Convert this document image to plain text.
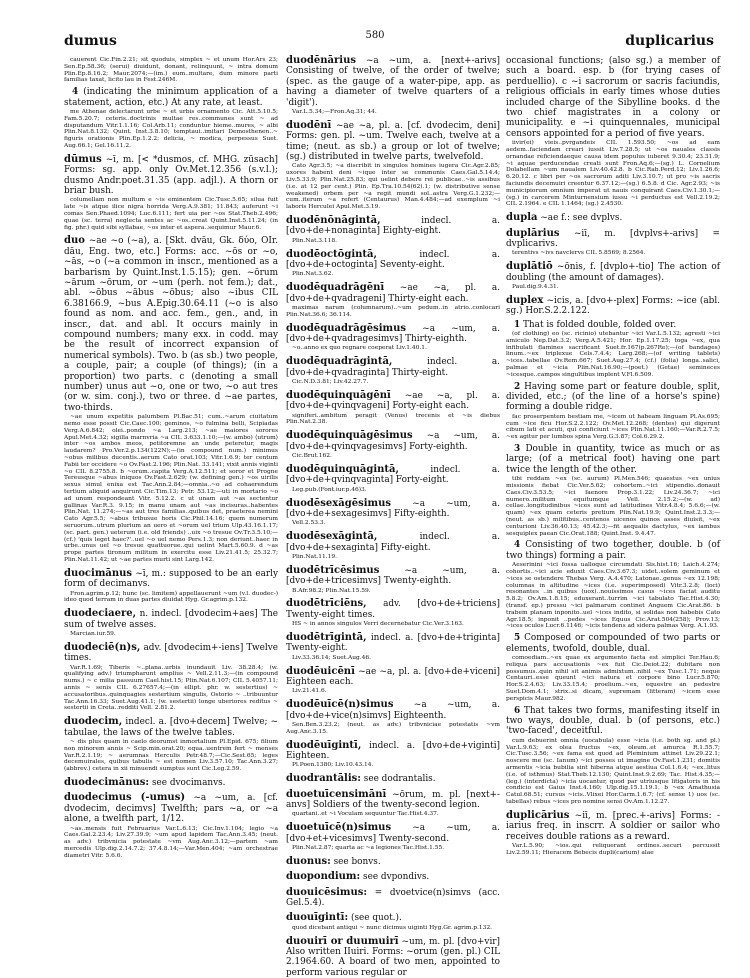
dumus	580	duplicarius

cauerent Cic.Fin.2.21; sit quoduis, simplex ~ et unum Hor.Ars 23; Sen.Ep.58.36; (serui) diuidunt, donant, relinquunt, ~ intra domum Plin.Ep.8.16.2; Maur.2074;—(im.) eum..multare, dum minore parti familias taxat, licito lau in Fest.246M.

4 (indicating the minimum application of a statement, action, etc.) At any rate, at least.

me Athenae delectarunt urbe ~ et urbis ornamento Cic. Att.5.10.5; Fam.5.20.7; ceteris..doctrinis multae res..communes sunt ~ ad disputandum Vitr.1.1.16; Col.Arb.11; conduntur hieme..mures, ~ albi Plin.Nat.8.132; Quint. Inst.3.8.10; temptaui..imitari Demosthenen..~ figuris orationis Plin.Ep.1.2.2; delicia, ~ modica, perpessus Suet. Aug.66.1; Gel.16.11.2.

dūmus ~ī, m. [< *dusmos, cf. MHG. zūsach] Forms: sg. app. only Ov.Met.12.356 (s.v.l.); dusmo Andr.poet.31.35 (app. adjl.). A thorn or briar bush.

columellam non multum e ~is eminentem Cic.Tusc.5.65; silua fuit late ~is atque ilice nigra horrida Verg.A.9.381; 11.843; auferunt ~i comas Sen.Phaed.1094; Luc.6.111; fert uia per ~os Stat.Theb.2.496; quae (sc. terra) neglecta sentes ac ~os..creat Quint.Inst.5.11.24; (in fig. phr.) quid sibi syllabae, ~os inter et aspera..sequimur Maur.6.

duo ~ae ~o (~a), a. [Skt. dvāu, Gk. δύο, OIr. dāu, Eng. two, etc.] Forms: acc. ~ōs or ~o, ~ās, ~o (~a common in inscr., mentioned as a barbarism by Quint.Inst.1.5.15); gen. ~ōrum ~ārum ~ōrum, or ~um (perh. not fem.); dat., abl. ~ōbus ~ābus ~ōbus; also ~ibus CIL 6.38166.9, ~bus A.Epig.30.64.11 (~o is also found as nom. and acc. fem., gen., and, in inscr., dat. and abl. It occurs mainly in compound numbers; many exx. in codd. may be the result of incorrect expansion of numerical symbols). Two. b (as sb.) two people, a couple, pair; a couple (of things); (in a proportion) two parts. c (denoting a small number) unus aut ~o, one or two, ~o aut tres (or w. sim. conj.), two or three. d ~ae partes, two-thirds.

~ae unum expetitis palumbem Pl.Bac.51; cum..~arum ciuitatum nemo esse possit Cic.Caec.100; geminos, ~o fulmina belli, Scipiadas Verg.A.6.842; olei..pondo ~a Larg.213; ~ae maiores sorores Apul.Met.4.32; sigilla marnvria ~a CIL 3.633.1.10;—(w. ambo) ⟨utrum⟩ inter ~os ambos meos, petitoremne an unde peteretur, magis laudarem? Pro.Ver.2.p.134(122N);—(in compound num.) minimus ~obus milibus ducentis..aerum Cato orat.103; Vitr.1.6.9; ter centum Fabii ter occidere ~o Ov.Fast.2.196; Plin.Nat. 33.141; vixit annis viginti ~o CIL 8.2755.8. b ~orum..capita Verg.A.12.511; et soror et Progne Tereusque ~abus iniquos Ov.Fast.2.629; (w. defining gen.) ~os uirilis sexus simul enixa est Tac.Ann.2.84;—omnia..~o ad cohaerendum tertium aliquid anquirunt Cic.Tim.13; Petr. 53.12;—uti in mortario ~o ad unum respondeant Vitr. 5.12.2. c ut unam aut ~as sectentur gallinas Var.R.3. 9.15; in manu unam aut ~as incisuras..habentes Plin.Nat. 11.274;—~as aut tres familias..quibus det, praeterea nemini Cato Agr.5.5; ~abus tribusue horis Cic.Phil.14.16; quem numerum seruorum..utrum plurium an uero et ~orum uel trium Ulp.43.16.1.17; (sc. part. gen.) ueterum (i.e. old friends) ..uix ~o tresue Ov.Tr.3.5.10;—(cf.) 'quis leget haec?'..uel ~o uel nemo Pers.1.3; non deriunt..haec in urbe..unus uel ~o tresue quattuorue..qui uelint Mart.5.60.9. d ~as prope partes tironum militum in exercitu esse Liv.21.41.5; 25.32.7; Plin.Nat.11.42; ut ~ae partes murti sint Larg.142.

duocimānus ~ī, m.: supposed to be an early form of decimanvs.

Fron.agrim.p.12; hunc (sc. limitem) appellauerunt ~um (v.l. duodec-) ideo quod terram in duas partes diuidat Hyg. Gr.agrim.p.132.

duodeciaere, n. indecl. [dvodecim+aes] The sum of twelve asses.

Marcian.iur.59.

duodeciē(n)s, adv. [dvodecim+-iens] Twelve times.

Var.R.1.69; Tiberis ~..plana..urbis inundauit Liv. 38.28.4; (w. qualifying adv.) triumpharunt amplius ~ Vell.2.11.3;—(in compound nums.) ~ c milia passuum Cael.hist.15; Plin.Nat.6.107; CIL 5.4057.11; annis ~ senis CIL 6.27657.4;—(in ellipt. phr. w. sestertius) ~ accusatoribus..quinquagies sestertium singulis, Ostorio ~ ..tribuuntur Tac.Ann.16.33; Suet.Aug.41.1; (w. sestertii) longe uberiores reditus ~ sestertii in Creta..redditi Vell. 2.81.2.

duodecim, indecl. a. [dvo+decem] Twelve; ~ tabulae, the laws of the twelve tables.

~ dis plus quam in caelo deorumst inmortalium Pl.Epid. 675; filium non minorem annis ~ Scip.min.orat.20; equa..uentrem fert ~ menses Var.R.2.1.19; ~ aerumnas Herculis Petr.48.7;—Cic.Sest.65; leges decemuirales, quibus tabulis ~ est nomen Liv.3.57.10; Tac.Ann.3.27; (abbrev.) cetera in xii minuendi sumptus sunt Cic.Leg.2.59.

duodecimānus: see dvocimanvs.

duodecimus (-umus) ~a ~um, a. [cf. dvodecim, decimvs] Twelfth; pars ~a, or ~a alone, a twelfth part, 1/12.

~as..mensis fuit Februarius Var.L.6.13; Cic.Inv.1.104; legio ~a Caes.Gal.2.23.4; Liv.27.39.9; ~um apud lapidem Tac.Ann.3.45; (neut. as adv.) tribvnicia potestate ~vm Aug.Anc.3.12;—partem ~am mercedis Ulp.dig.2.14.7.2; 37.4.8.14;—Var.Men.404; ~am orchestrae diametri Vitr. 5.6.6.

duodēnārius ~a ~um, a. [next+-arivs] Consisting of twelve, of the order of twelve; (spec. as the gauge of a water-pipe, app. as having a diameter of twelve quarters of a 'digit').

Var.L.5.34;—Fron.Aq.31; 44.

duodēnī ~ae ~a, pl. a. [cf. dvodecim, deni] Forms: gen. pl. ~um. Twelve each, twelve at a time; (neut. as sb.) a group or lot of twelve; (sg.) distributed in twelve parts, twelvefold.

Cato Agr.3.5; ~a discribit in singulos homines iugera Cic.Agr.2.85; uxores habent deni ~ique inter se communis Caes.Gal.5.14.4; Liv.5.33.9; Plin.Nat.25.83; qui uelint debere rei publicae..~is assibus (i.e. at 12 per cent.) Plin. Ep.Tra.10.54(62).1; (w. distributive sense weakened) orbem per ~a regit mundi sol..astra Verg.G.1.232;—cum..iterum ~a refert (Centaurus) Man.4.484;—ad exemplum ~i laboris Herculei Apul.Met.3.19.

duodēnōnāgintā,	indecl. a. [dvo+de+nonaginta] Eighty-eight.

Plin.Nat.3.118.

duodēoctōgintā,	indecl. a. [dvo+de+octoginta] Seventy-eight.

Plin.Nat.3.62.

duodēquadrāgēnī ~ae ~a, pl. a. [dvo+de+qvadrageni] Thirty-eight each.

maximas narum (columnarum)..~um pedum..in atrio..conlocari Plin.Nat.36.6; 36.114.

duodēquadrāgēsimus ~a ~um, a. [dvo+de+qvadragesimvs] Thirty-eighth.

~o..anno ex quo regnare coeperat Liv.1.40.1.

duodēquadrāgintā,	indecl. a. [dvo+de+qvadraginta] Thirty-eight.

Cic.N.D.3.81; Liv.42.27.7.

duodēquinquāgēnī ~ae ~a, pl. a. [dvo+de+qvinqvageni] Forty-eight each.

signiferi..ambitum peragit (Venus) trecenis et ~is diebus Plin.Nat.2.38.

duodēquinquāgēsimus ~a ~um, a. [dvo+de+qvinqvagesimvs] Forty-eighth.

Cic.Brut.162.

duodēquinquāgintā,	indecl. a. [dvo+de+qvinqvaginta] Forty-eight.

Leg.pub.(Font.iur.p.46)3.

duodēsexāgēsimus ~a ~um, a. [dvo+de+sexagesimvs] Fifty-eighth.

Vell.2.53.3.

duodēsexāgintā,	indecl. a. [dvo+de+sexaginta] Fifty-eight.

Plin.Nat.11.19.

duodētrīcēsimus	~a ~um, a. [dvo+de+tricesimvs] Twenty-eighth.

B.Afr.98.2; Plin.Nat.15.59.

duodētrīciēns, adv. [dvo+de+triciens] Twenty-eight times.

HS ~ in annos singulos Verri decernebatur Cic.Ver.3.163.

duodētrīgintā, indecl. a. [dvo+de+triginta] Twenty-eight.

Liv.33.36.14; Suet.Aug.46.

duodēuicēnī ~ae ~a, pl. a. [dvo+de+viceni] Eighteen each.

Liv.21.41.6.

duodēuīcē(n)simus ~a ~um, a. [dvo+de+vice(n)simvs] Eighteenth.

Sen.Ben.3.23.2; (neut. as adv.) tribvniciae potestatis ~vm Aug.Anc.3.15.

duodēuīgintī, indecl. a. [dvo+de+viginti] Eighteen.

Pl.Poen.1380; Liv.10.43.14.

duodrantālis: see dodrantalis.

duoetuīcensimānī ~ōrum, m. pl. [next+-anvs] Soldiers of the twenty-second legion.

quartani..et ~i Voculam sequuntur Tac.Hist.4.37.

duoetuīcē(n)simus ~a ~um, a. [dvo+et+vicesimvs] Twenty-second.

Plin.Nat.2.87; quarta ac ~a legiones Tac.Hist.1.55.

duonus: see bonvs.

duopondium: see dvpondivs.

duouicēsimus: = dvoetvice(n)simvs (acc. Gel.5.4).

duouīgintī: (see quot.).

quod dicebant antiqui ~ nunc dicimus uiginti Hyg.Gr. agrim.p.132.

duouirī or duumuirī ~um, m. pl. [dvo+vir] Also written IIuiri. Forms: ~orum (gen. pl.) CIL 2.1964.60. A board of two men, appointed to perform various regular or

occasional functions; (also sg.) a member of such a board. esp. b (for trying cases of perduellio). c ~i sacrorum or sacris faciundis, religious officials in early times whose duties included charge of the Sibylline books. d the two chief magistrates in a colony or municipality. e ~i quinquennales, municipal censors appointed for a period of five years.

iivir(ei) vieis..pvrgandeis CIL 1.593.50; ~os ad eam aedem..faciendam creari iussit Liv.7.28.5; ut ~os nauales classis ornandae reficiendaeque causa idem populus iuberet 9.30.4; 23.31.9; ~i aquae perducendae creati sunt Fron.Aq.6;—(sg.) L. Cornelium Dolabellam ~um naualem Liv.40.42.8. b Cic.Rab.Perd.12; Liv.1.26.6; 6.20.12. c libri per ~os sacrorum aditi Liv.3.10.7; ut pro ~is sacris faciundis decemuiri creentur 6.37.12;—(sg.) 6.5.8. d Cic. Agr.2.93; ~is municipiorum omnium imperat ut nauis conquirant Caes.Civ.1.30.1;—(sg.) in carcerem Minturnensium iussu ~i perductus est Vell.2.19.2; CIL 2.1964. e CIL 1.1464; (sg.) 2.4530.

dupla ~ae f.: see dvplvs.

duplārius ~iī, m. [dvplvs+-arivs] = dvplicarivs.

terentivs ~ivs navclervs CIL 5.8569; 8.2564.

duplātiō ~ōnis, f. [dvplo+-tio] The action of doubling (the amount of damages).

Paul.dig.9.4.31.

duplex ~icis, a. [dvo+-plex] Forms: ~ice (abl. sg.) Hor.S.2.2.122.

1 That is folded double, folded over.

(of clothing) eo (sc. ricinio) utebantur ~ici Var.L.5.132; agresti ~ici amiculo Nep.Dat.3.2; Verg.A.5.421; Hor. Ep.1.17.25; toga ~ex, qua infibulati flamines sacrificant Suet.fr.167(p.267Re);—(of bandages) linum..~ex triplexue Cels.7.4.4; Larg.268;—(of writing tablets) ~ices..tabellae Ov.Rem.667; Suet.Aug.27.4; (cf.) (folia) longa..salici, palmae et ~icia Plin.Nat.16.90;—(poet.) (Getae) semineces ~icesque..campos singultibus implent V.Fl.6.509.

2 Having some part or feature double, split, divided, etc.; (of the line of a horse's spine) forming a double ridge.

fac proserpentem bestiam me, ~icem ut habeam linguam Pl.As.695; cum ~ice ficu Hor.S.2.2.122; Ov.Met.12.268; (dentes) qui digerunt cibum lati et acuti, qui conficiunt ~ices Plin.Nat.11.160;—Var.R.2.7.5; ~ex agitur per lumbos spina Verg.G.3.87; Col.6.29.2.

3 Double in quantity, twice as much or as large; (of a metrical foot) having one part twice the length of the other.

tibi reddam ~ex (sc. aurum) Pl.Men.546; quaestus ~ex unius missionis fiebat Cic.Ver.5.62; cohortem..~ici stipendio..donauit Caes.Civ.3.53.5; ~ici faenore Prop.3.1.22; Liv.24.36.7; ~ici numero..militum equitumque Vell. 2.15.2;—(w. ad) cellae..longitudinibus ~ices sunt ad latitudines Vitr.4.8.4; 5.6.6;—(w. quam) ~ex quam ceteris pretium Plin.Nat.19.9; Quint.Inst.2.3.3;—(neut. as sb.) militibus..centenos uicenos quinos asses diuisit, ~ex centurioni Liv.36.40.13; 45.42.3;—fit aequalis dactylus, ~ex iambus sesquiplex paean Cic.Orat.188; Quint.Inst. 9.4.47.

4 Consisting of two together, double. b (of two things) forming a pair.

Aeserinini ~ici fossa ualloque circumdati Sis.hist.16; Laich.4.274; cohortis..~ici acie eduxit Caes.Civ.3.67.3; uidet..solem geminum et ~ices se ostendere Thebas Verg. A.4.470; Latonae..genus ~ex 12.198; columnas in altitudine ~ices (i.e. superimposed) Vitr.3.2.8; (loci) resonantes ..in quibus (uox)..nouissimos casus ~ices faciat auditu 5.8.2; Ov.Am.1.8.15; eduxerant..turrim ~ici tabulato Tac.Hist.4.30; (transf. ep.) pressu ~ici palmarum continet Anguem Cic.Arat.86. b trabem planam inponito..uel ~ices indito, si solidas non habebis Cato Agr.18.5; inponit ..pedes ~ices Equus Cic.Arat.504(258); Prov.13; ~ices oculos Lucr.6.1146; ~icis tendens ad sidera palmas Verg. A.1.93.

5 Composed or compounded of two parts or elements, twofold, double, dual.

comoediam..~ex quae ex argumento facta est simplici Ter.Hau.6; reliqua pars accusationis ~ex fuit Cic.Deiot.22; dubitare non possumus..quin nihil sit animis admixtum..nihil ~ex Tusc.1.71; neque Centauri..esse queunt ~ici natura et corpore bino Lucr.5.870; Hor.S.2.4.63; Liv.33.15.4; proelium..~ex, equestre an pedestre Suet.Dom.4.1; strix..si dicam, supremam (litteram) ~icem esse perspicis Maur.982.

6 That takes two forms, manifesting itself in two ways, double, dual. b (of persons, etc.) 'two-faced', deceitful.

cum debuerint omnia (uocabula) esse ~icia (i.e. both sg. and pl.) Var.L.9.63; ex olea fructus ~ex, oleum..et amurca R.1.55.7; Cic.Tusc.3.56; ~ex fama est quod ad Pleminium attinet Liv.29.22.1; noscere me (sc. Ianum) ~ici posses ut imagine Ov.Fast.1.231; domitis armentis ~icia bubilia sint hiberna atque aestiua Col.1.6.4; ~ex..litus (i.e. of isthmus) Stat.Theb.12.130; Quint.Inst.9.2.69; Tac. Hist.4.35;—(leg.) (interdicta) ~icia uocantur, quod par utriusque litigatoris in his condicio est Gaius Inst.4.160; Ulp.dig.15.1.19.1. b ~ex Amathusia Catul.68.51; cursus ~icis..Vlixei Hor.Carm.1.6.7; (cf. sense 1) uos (sc. tabellas) rebus ~ices pro nomine sensi Ov.Am.1.12.27.

duplicārius ~iī, m. [prec.+-arivs] Forms: -iarius freq. in inscrr. A soldier or sailor who receives double rations as a reward.

Var.L.5.90; ~ios..qui reliquerant ordines..securi percussit Liv.2.59.11; Hieracem Bebecis dupli(carium) alae
